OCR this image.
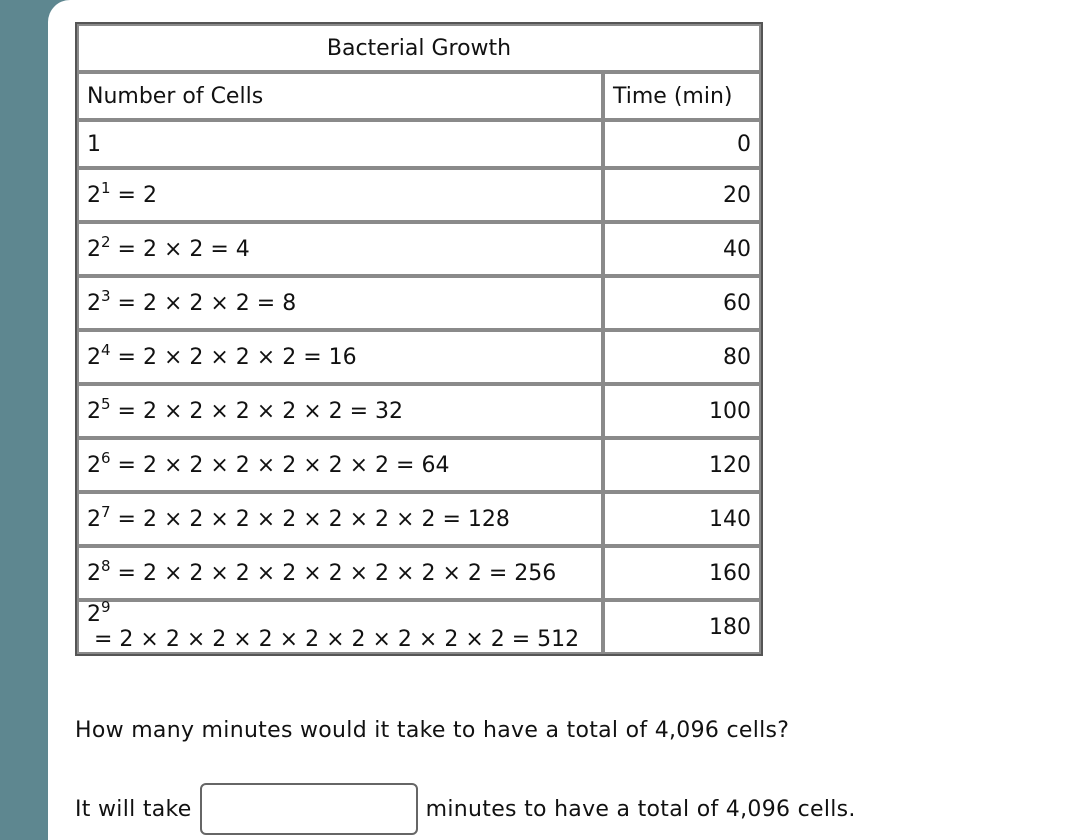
Bacterial Growth	
Number of Cells	Time (min)
1	0
$2^1 = 2$	20
$2^2 = 2 \times 2 = 4$	40
$2^3 = 2 \times 2 \times 2 = 8$	60
$2^4 = 2 \times 2 \times 2 \times 2 = 16$	80
$2^5 = 2 \times 2 \times 2 \times 2 \times 2 = 32$	100
$2^6 = 2 \times 2 \times 2 \times 2 \times 2 \times 2 = 64$	120
$2^7 = 2 \times 2 \times 2 \times 2 \times 2 \times 2 \times 2 = 128$	140
$2^8 = 2 \times 2 \times 2 \times 2 \times 2 \times 2 \times 2 \times 2 = 256$	160
$2^9 = 2 \times 2 \times 2 \times 2 \times 2 \times 2 \times 2 \times 2 \times 2 = 512$	180
How many minutes would it take to have a total of 4,096 cells?
It will take	minutes to have a total of 4,096 cells.
